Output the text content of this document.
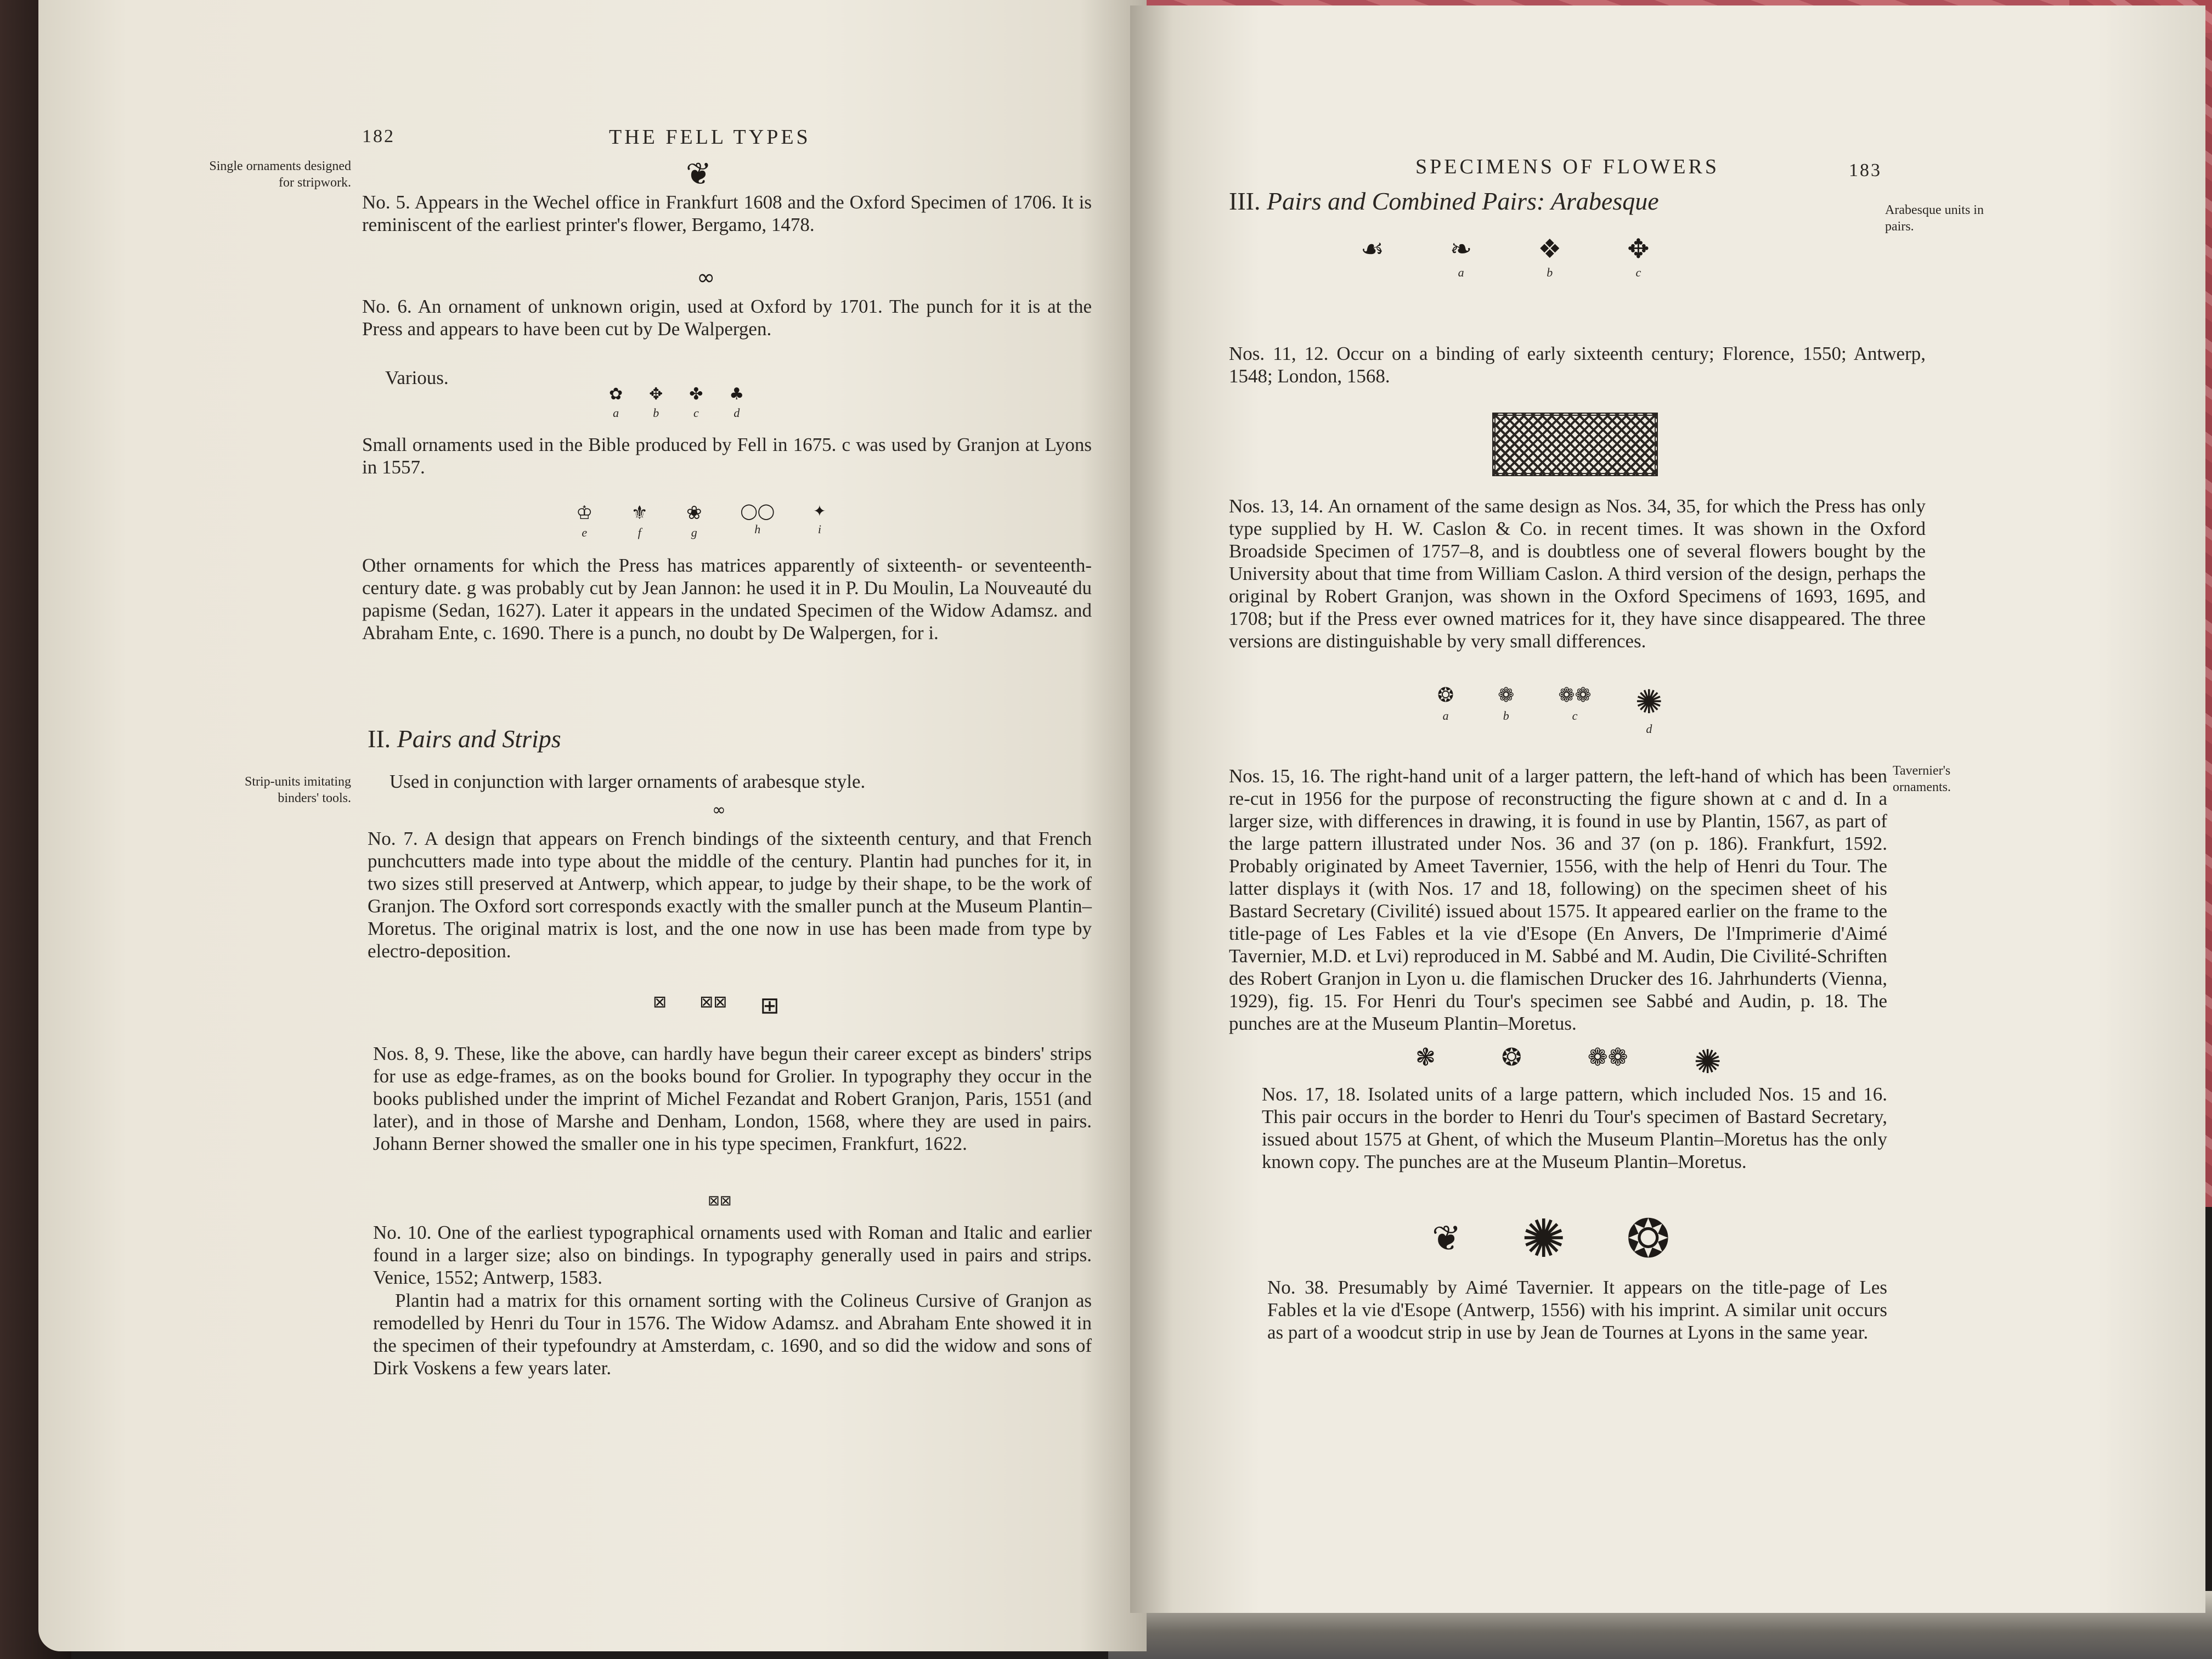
182	THE FELL TYPES
Single ornaments designed for stripwork.	❦

No. 5. Appears in the Wechel office in Frankfurt 1608 and the Oxford Specimen of 1706. It is reminiscent of the earliest printer's flower, Bergamo, 1478.

∞

No. 6. An ornament of unknown origin, used at Oxford by 1701. The punch for it is at the Press and appears to have been cut by De Walpergen.

Various.
✿
a
✥
b
✤
c
♣
d

Small ornaments used in the Bible produced by Fell in 1675. c was used by Granjon at Lyons in 1557.

♔
e
⚜
f
❀
g
◯◯
h
✦
i

Other ornaments for which the Press has matrices apparently of sixteenth- or seventeenth-century date. g was probably cut by Jean Jannon: he used it in P. Du Moulin, La Nouveauté du papisme (Sedan, 1627). Later it appears in the undated Specimen of the Widow Adamsz. and Abraham Ente, c. 1690. There is a punch, no doubt by De Walpergen, for i.

II. Pairs and Strips
Strip-units imitating binders' tools.

Used in conjunction with larger ornaments of arabesque style.

∞

No. 7. A design that appears on French bindings of the sixteenth century, and that French punchcutters made into type about the middle of the century. Plantin had punches for it, in two sizes still preserved at Antwerp, which appear, to judge by their shape, to be the work of Granjon. The Oxford sort corresponds exactly with the smaller punch at the Museum Plantin–Moretus. The original matrix is lost, and the one now in use has been made from type by electro-deposition.

⊠ ⊠⊠ ⊞

Nos. 8, 9. These, like the above, can hardly have begun their career except as binders' strips for use as edge-frames, as on the books bound for Grolier. In typography they occur in the books published under the imprint of Michel Fezandat and Robert Granjon, Paris, 1551 (and later), and in those of Marshe and Denham, London, 1568, where they are used in pairs. Johann Berner showed the smaller one in his type specimen, Frankfurt, 1622.

⊠⊠

No. 10. One of the earliest typographical ornaments used with Roman and Italic and earlier found in a larger size; also on bindings. In typography generally used in pairs and strips. Venice, 1552; Antwerp, 1583.

Plantin had a matrix for this ornament sorting with the Colineus Cursive of Granjon as remodelled by Henri du Tour in 1576. The Widow Adamsz. and Abraham Ente showed it in the specimen of their typefoundry at Amsterdam, c. 1690, and so did the widow and sons of Dirk Voskens a few years later.

SPECIMENS OF FLOWERS	183
III. Pairs and Combined Pairs: Arabesque	Arabesque units in pairs.
☙	❧
a
❖
b
✥
c

Nos. 11, 12. Occur on a binding of early sixteenth century; Florence, 1550; Antwerp, 1548; London, 1568.

Nos. 13, 14. An ornament of the same design as Nos. 34, 35, for which the Press has only type supplied by H. W. Caslon & Co. in recent times. It was shown in the Oxford Broadside Specimen of 1757–8, and is doubtless one of several flowers bought by the University about that time from William Caslon. A third version of the design, perhaps the original by Robert Granjon, was shown in the Oxford Specimens of 1693, 1695, and 1708; but if the Press ever owned matrices for it, they have since disappeared. The three versions are distinguishable by very small differences.

❂
a
❁
b
❁❁
c ✺
d
Tavernier's ornaments.

Nos. 15, 16. The right-hand unit of a larger pattern, the left-hand of which has been re-cut in 1956 for the purpose of reconstructing the figure shown at c and d. In a larger size, with differences in drawing, it is found in use by Plantin, 1567, as part of the large pattern illustrated under Nos. 36 and 37 (on p. 186). Frankfurt, 1592. Probably originated by Ameet Tavernier, 1556, with the help of Henri du Tour. The latter displays it (with Nos. 17 and 18, following) on the specimen sheet of his Bastard Secretary (Civilité) issued about 1575. It appeared earlier on the frame to the title-page of Les Fables et la vie d'Esope (En Anvers, De l'Imprimerie d'Aimé Tavernier, M.D. et Lvi) reproduced in M. Sabbé and M. Audin, Die Civilité-Schriften des Robert Granjon in Lyon u. die flamischen Drucker des 16. Jahrhunderts (Vienna, 1929), fig. 15. For Henri du Tour's specimen see Sabbé and Audin, p. 18. The punches are at the Museum Plantin–Moretus.

❃	❂	❁❁ ✺

Nos. 17, 18. Isolated units of a large pattern, which included Nos. 15 and 16. This pair occurs in the border to Henri du Tour's specimen of Bastard Secretary, issued about 1575 at Ghent, of which the Museum Plantin–Moretus has the only known copy. The punches are at the Museum Plantin–Moretus.

❦ ✺ ❂

No. 38. Presumably by Aimé Tavernier. It appears on the title-page of Les Fables et la vie d'Esope (Antwerp, 1556) with his imprint. A similar unit occurs as part of a woodcut strip in use by Jean de Tournes at Lyons in the same year.
